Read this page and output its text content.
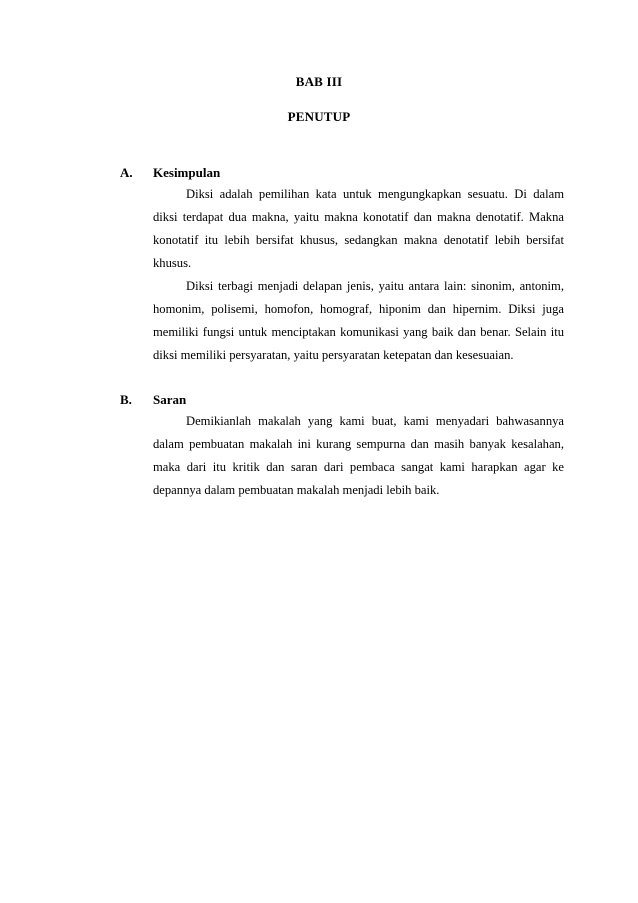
BAB III
PENUTUP
A. Kesimpulan

Diksi adalah pemilihan kata untuk mengungkapkan sesuatu. Di dalam diksi terdapat dua makna, yaitu makna konotatif dan makna denotatif. Makna konotatif itu lebih bersifat khusus, sedangkan makna denotatif lebih bersifat khusus.

Diksi terbagi menjadi delapan jenis, yaitu antara lain: sinonim, antonim, homonim, polisemi, homofon, homograf, hiponim dan hipernim. Diksi juga memiliki fungsi untuk menciptakan komunikasi yang baik dan benar. Selain itu diksi memiliki persyaratan, yaitu persyaratan ketepatan dan kesesuaian.

B. Saran

Demikianlah makalah yang kami buat, kami menyadari bahwasannya dalam pembuatan makalah ini kurang sempurna dan masih banyak kesalahan, maka dari itu kritik dan saran dari pembaca sangat kami harapkan agar ke depannya dalam pembuatan makalah menjadi lebih baik.
